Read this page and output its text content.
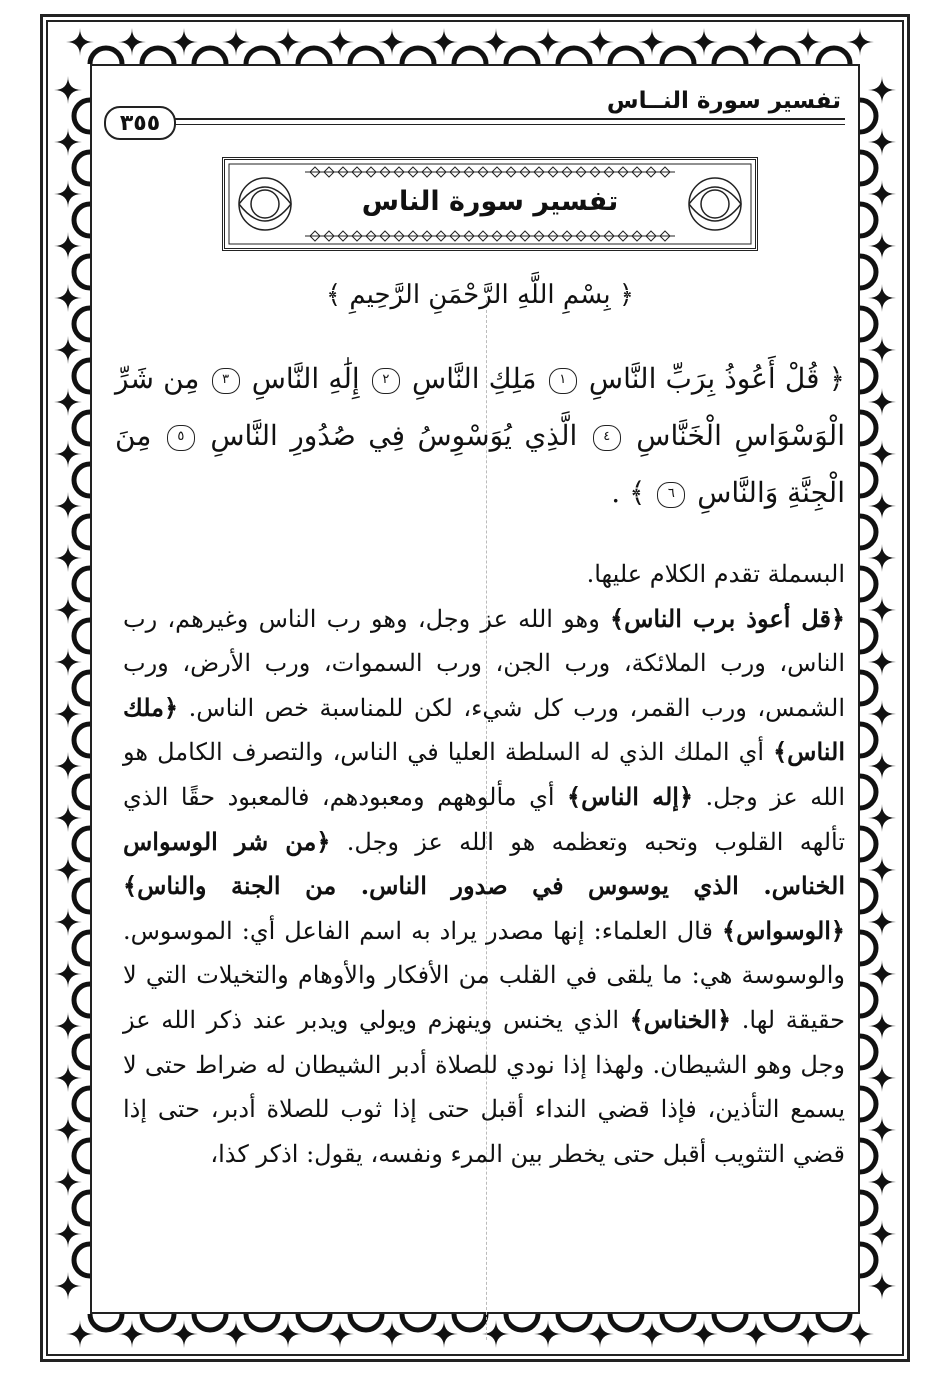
تفسير سورة النــاس
٣٥٥
تفسير سورة الناس
﴿ بِسْمِ اللَّهِ الرَّحْمَنِ الرَّحِيمِ ﴾
﴿ قُلْ أَعُوذُ بِرَبِّ النَّاسِ ١ مَلِكِ النَّاسِ ٢ إِلَٰهِ النَّاسِ ٣ مِن شَرِّ الْوَسْوَاسِ الْخَنَّاسِ ٤ الَّذِي يُوَسْوِسُ فِي صُدُورِ النَّاسِ ٥ مِنَ الْجِنَّةِ وَالنَّاسِ ٦ ﴾ .

البسملة تقدم الكلام عليها.

﴿قل أعوذ برب الناس﴾ وهو الله عز وجل، وهو رب الناس وغيرهم، رب الناس، ورب الملائكة، ورب الجن، ورب السموات، ورب الأرض، ورب الشمس، ورب القمر، ورب كل شيء، لكن للمناسبة خص الناس. ﴿ملك الناس﴾ أي الملك الذي له السلطة العليا في الناس، والتصرف الكامل هو الله عز وجل. ﴿إله الناس﴾ أي مألوههم ومعبودهم، فالمعبود حقًا الذي تألهه القلوب وتحبه وتعظمه هو الله عز وجل. ﴿من شر الوسواس الخناس. الذي يوسوس في صدور الناس. من الجنة والناس﴾ ﴿الوسواس﴾ قال العلماء: إنها مصدر يراد به اسم الفاعل أي: الموسوس. والوسوسة هي: ما يلقى في القلب من الأفكار والأوهام والتخيلات التي لا حقيقة لها. ﴿الخناس﴾ الذي يخنس وينهزم ويولي ويدبر عند ذكر الله عز وجل وهو الشيطان. ولهذا إذا نودي للصلاة أدبر الشيطان له ضراط حتى لا يسمع التأذين، فإذا قضي النداء أقبل حتى إذا ثوب للصلاة أدبر، حتى إذا قضي التثويب أقبل حتى يخطر بين المرء ونفسه، يقول: اذكر كذا،
